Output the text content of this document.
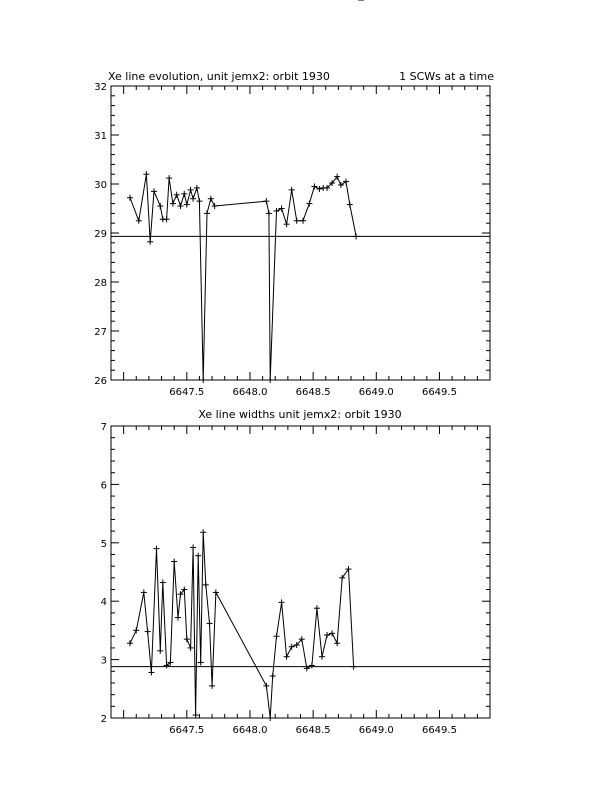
Xe line evolution, unit jemx2: orbit 1930	1 SCWs at a time
6647.5	6648.0	6648.5	6649.0	6649.5
26
27
28
29
30
31
32
Xe line widths unit jemx2: orbit 1930
6647.5	6648.0	6648.5	6649.0	6649.5
2
3
4
5
6
7
